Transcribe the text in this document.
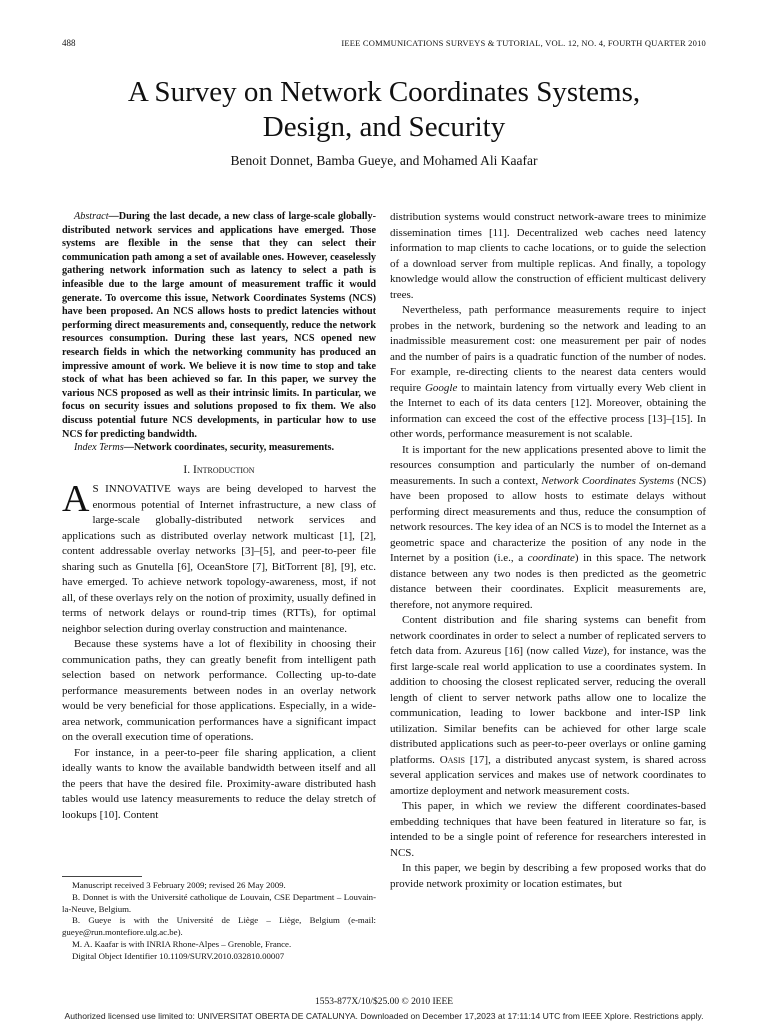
488	IEEE COMMUNICATIONS SURVEYS & TUTORIAL, VOL. 12, NO. 4, FOURTH QUARTER 2010
A Survey on Network Coordinates Systems,
Design, and Security
Benoit Donnet, Bamba Gueye, and Mohamed Ali Kaafar

Abstract—During the last decade, a new class of large-scale globally-distributed network services and applications have emerged. Those systems are flexible in the sense that they can select their communication path among a set of available ones. However, ceaselessly gathering network information such as latency to select a path is infeasible due to the large amount of measurement traffic it would generate. To overcome this issue, Network Coordinates Systems (NCS) have been proposed. An NCS allows hosts to predict latencies without performing direct measurements and, consequently, reduce the network resources consumption. During these last years, NCS opened new research fields in which the networking community has produced an impressive amount of work. We believe it is now time to stop and take stock of what has been achieved so far. In this paper, we survey the various NCS proposed as well as their intrinsic limits. In particular, we focus on security issues and solutions proposed to fix them. We also discuss potential future NCS developments, in particular how to use NCS for predicting bandwidth.

Index Terms—Network coordinates, security, measurements.

I. Introduction

A S INNOVATIVE ways are being developed to harvest the enormous potential of Internet infrastructure, a new class of large-scale globally-distributed network services and applications such as distributed overlay network multicast [1], [2], content addressable overlay networks [3]–[5], and peer-to-peer file sharing such as Gnutella [6], OceanStore [7], BitTorrent [8], [9], etc. have emerged. To achieve network topology-awareness, most, if not all, of these overlays rely on the notion of proximity, usually defined in terms of network delays or round-trip times (RTTs), for optimal neighbor selection during overlay construction and maintenance.

Because these systems have a lot of flexibility in choosing their communication paths, they can greatly benefit from intelligent path selection based on network performance. Collecting up-to-date performance measurements between nodes in an overlay network would be very beneficial for those applications. Especially, in a wide-area network, communication performances have a significant impact on the overall execution time of operations.

For instance, in a peer-to-peer file sharing application, a client ideally wants to know the available bandwidth between itself and all the peers that have the desired file. Proximity-aware distributed hash tables would use latency measurements to reduce the delay stretch of lookups [10]. Content

Manuscript received 3 February 2009; revised 26 May 2009.

B. Donnet is with the Université catholique de Louvain, CSE Department – Louvain-la-Neuve, Belgium.

B. Gueye is with the Université de Liège – Liège, Belgium (e-mail: gueye@run.montefiore.ulg.ac.be).

M. A. Kaafar is with INRIA Rhone-Alpes – Grenoble, France.

Digital Object Identifier 10.1109/SURV.2010.032810.00007

distribution systems would construct network-aware trees to minimize dissemination times [11]. Decentralized web caches need latency information to map clients to cache locations, or to guide the selection of a download server from multiple replicas. And finally, a topology knowledge would allow the construction of efficient multicast delivery trees.

Nevertheless, path performance measurements require to inject probes in the network, burdening so the network and leading to an inadmissible measurement cost: one measurement per pair of nodes and the number of pairs is a quadratic function of the number of nodes. For example, re-directing clients to the nearest data centers would require Google to maintain latency from virtually every Web client in the Internet to each of its data centers [12]. Moreover, obtaining the information can exceed the cost of the effective process [13]–[15]. In other words, performance measurement is not scalable.

It is important for the new applications presented above to limit the resources consumption and particularly the number of on-demand measurements. In such a context, Network Coordinates Systems (NCS) have been proposed to allow hosts to estimate delays without performing direct measurements and thus, reduce the consumption of network resources. The key idea of an NCS is to model the Internet as a geometric space and characterize the position of any node in the Internet by a position (i.e., a coordinate) in this space. The network distance between any two nodes is then predicted as the geometric distance between their coordinates. Explicit measurements are, therefore, not anymore required.

Content distribution and file sharing systems can benefit from network coordinates in order to select a number of replicated servers to fetch data from. Azureus [16] (now called Vuze), for instance, was the first large-scale real world application to use a coordinates system. In addition to choosing the closest replicated server, reducing the overall length of client to server network paths allow one to localize the communication, leading to lower backbone and inter-ISP link utilization. Similar benefits can be achieved for other large scale distributed applications such as peer-to-peer overlays or online gaming platforms. Oasis [17], a distributed anycast system, is shared across several application services and makes use of network coordinates to amortize deployment and network measurement costs.

This paper, in which we review the different coordinates-based embedding techniques that have been featured in literature so far, is intended to be a single point of reference for researchers interested in NCS.

In this paper, we begin by describing a few proposed works that do provide network proximity or location estimates, but

1553-877X/10/$25.00 © 2010 IEEE
Authorized licensed use limited to: UNIVERSITAT OBERTA DE CATALUNYA. Downloaded on December 17,2023 at 17:11:14 UTC from IEEE Xplore. Restrictions apply.
